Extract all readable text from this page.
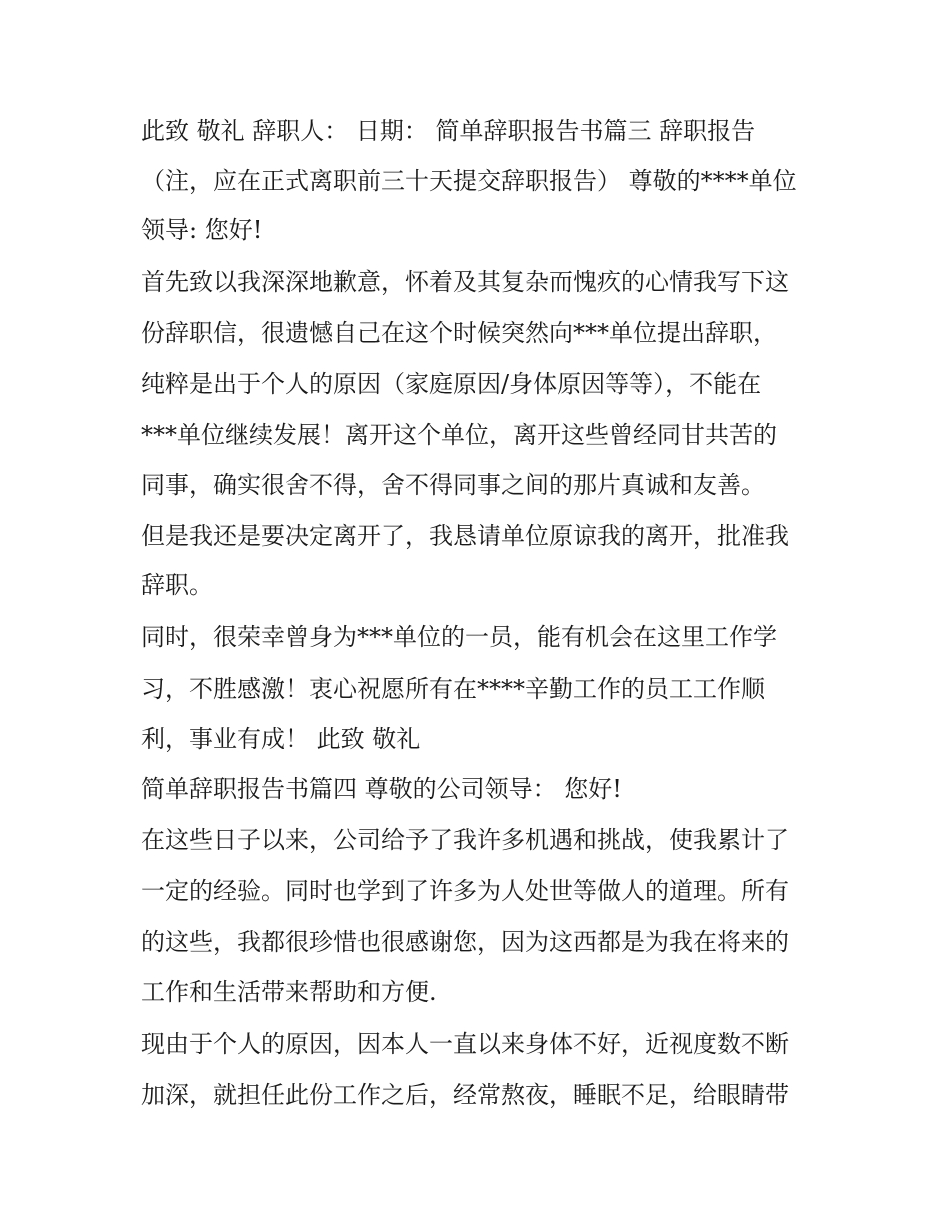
此致 敬礼 辞职人： 日期： 简单辞职报告书篇三 辞职报告

（注，应在正式离职前三十天提交辞职报告） 尊敬的****单位

领导: 您好!

首先致以我深深地歉意，怀着及其复杂而愧疚的心情我写下这

份辞职信，很遗憾自己在这个时候突然向***单位提出辞职，

纯粹是出于个人的原因（家庭原因/身体原因等等），不能在

***单位继续发展！离开这个单位，离开这些曾经同甘共苦的

同事，确实很舍不得，舍不得同事之间的那片真诚和友善。

但是我还是要决定离开了，我恳请单位原谅我的离开，批准我

辞职。

同时，很荣幸曾身为***单位的一员，能有机会在这里工作学

习，不胜感激！衷心祝愿所有在****辛勤工作的员工工作顺

利，事业有成！ 此致 敬礼

简单辞职报告书篇四 尊敬的公司领导： 您好!

在这些日子以来，公司给予了我许多机遇和挑战，使我累计了

一定的经验。同时也学到了许多为人处世等做人的道理。所有

的这些，我都很珍惜也很感谢您，因为这西都是为我在将来的

工作和生活带来帮助和方便.

现由于个人的原因，因本人一直以来身体不好，近视度数不断

加深，就担任此份工作之后，经常熬夜，睡眠不足，给眼睛带
